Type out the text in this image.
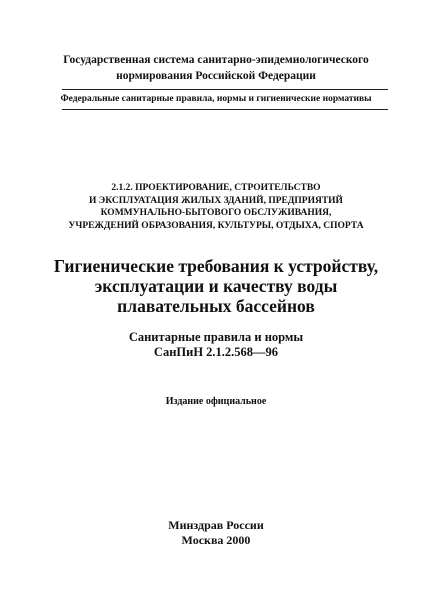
Государственная система санитарно-эпидемиологического
нормирования Российской Федерации
Федеральные санитарные правила, нормы и гигиенические нормативы
2.1.2. ПРОЕКТИРОВАНИЕ, СТРОИТЕЛЬСТВО
И ЭКСПЛУАТАЦИЯ ЖИЛЫХ ЗДАНИЙ, ПРЕДПРИЯТИЙ
КОММУНАЛЬНО-БЫТОВОГО ОБСЛУЖИВАНИЯ,
УЧРЕЖДЕНИЙ ОБРАЗОВАНИЯ, КУЛЬТУРЫ, ОТДЫХА, СПОРТА
Гигиенические требования к устройству,
эксплуатации и качеству воды
плавательных бассейнов
Санитарные правила и нормы
СанПиН 2.1.2.568—96
Издание официальное
Минздрав России
Москва 2000
